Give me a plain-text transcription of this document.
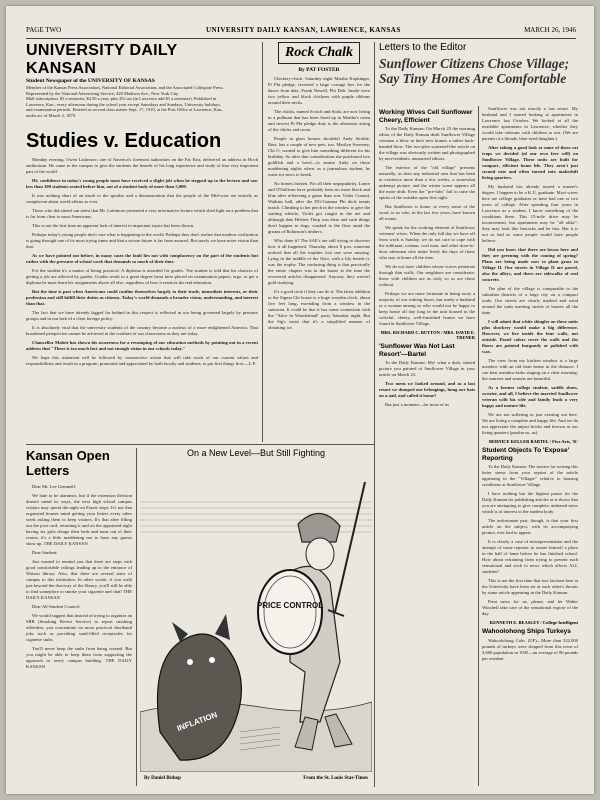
PAGE TWO	UNIVERSITY DAILY KANSAN, LAWRENCE, KANSAS	MARCH 26, 1946
UNIVERSITY DAILY KANSAN
Student Newspaper of the UNIVERSITY OF KANSAS
Member of the Kansas Press Association, National Editorial Association, and the Associated Collegiate Press. Represented by the National Advertising Service, 420 Madison Ave., New York City.
Mail subscription, $3 a semester, $4.50 a year, plus 2% tax (in Lawrence add $1 a semester). Published in Lawrence, Kan., every afternoon during the school year except Saturdays and Sundays, University holidays, and examination periods. Entered as second class matter Sept. 17, 1910, at the Post Office at Lawrence, Kan., under act of March 3, 1879.
Studies v. Education

Monday evening, Owen Lattimore, one of America's foremost authorities on the Far East, delivered an address in Hoch auditorium. He came to the campus to give the students the benefit of his long experience and study of that very important part of the world.

Hi: confidence in today's young people must have received a slight jolt when he stepped up to the lectern and saw less than 300 students seated before him, out of a student body of more than 5,000.

It was nothing short of an insult to the speaker and a demonstration that the people of the Mid-west are entirely as complacent about world affairs as ever.

Those who did attend can attest that Mr. Lattimore presented a very informative lecture which shed light on a problem that is far from clear to most Americans.

This is not the first time an apparent lack of interest in important topics has been shown.

Perhaps today's young people don't care what is happening in the world. Perhaps they don't realize that modern civilization is going through one of its most trying times and that a secure future is far from assured. But surely we have more vision than that.

As we have pointed out before, in many cases the fault lies not with complacency on the part of the students but rather with the pressure of school work that demands so much of their time.

For the student it's a matter of being practical. A diploma is awarded for grades. The student is told that his chances of getting a job are affected by grades. Grades result to a great degree from facts placed on examination papers; ergo, to get a diploma he must learn his assignments above all else, regardless of how it restricts his real education.

But the time is past when Americans could confine themselves largely to their trade, immediate interests, or their profession and still fulfill their duties as citizens. Today's world demands a broader vision, understanding, and interest than that.

The fact that we have already lagged far behind in this respect is reflected in our being governed largely by pressure groups and in our lack of a clear foreign policy.

It is absolutely vital that the university students of the country become a nucleus of a more enlightened America. That broadened perspective cannot be achieved in the confines of our classrooms as they are today.

Chancellor Malott has shown his awareness for a revamping of our education methods by pointing out in a recent address that "There is too much fact and not enough vision in our schools today."

We hope this statement will be followed by constructive action that will take stock of our current values and responsibilities and result in a program, promoted and appreciated by both faculty and students, to put first things first.—L.P.

Rock Chalk
By PAT FOSTER

Chickery-chick. Saturday night Martha Kophinger, Pi Phi pledge, received a large corsage box for the dance from date, Frank Newell, Phi Delt. Inside were two yellow and black chickens with purple ribbons around their necks.

The chicks, named Scotch and Soda, are now living in a pullman that has been fixed up in Martha's room and newest Pi Phi pledge duty is the afternoon airing of the chicks and room.

People in glass houses shouldn't Andy Strohle, Beta, has a couple of new pets, too. Marilyn Sweeney, Chi O, wanted to give him something different for his birthday. So after due consideration she purchased two goldfish and a bowl—to amuse Andy on those maddening nights when, as a journalism student, he waits for news to break.

No homes broken. For all their unpopularity, Lance and O'Sullivan have probably been no more black and blue after refereeing a game than was Violet Conard, Watkins hall, after the DG-Gamma Phi deck tennis match. Climbing to her perch in the window to give the starting whistle, Violet got caught in the net and although date Herbert Thirp was there and such things don't happen to dogs, crashed to the floor amid the groans of Robinson's timbers.

Who done it? The SAE's are still trying to discover how it all happened. Thursday about 8 p.m. someone noticed that all the trophies lost one were missing. Lying in the middle of the floor, with a lily beside it, was the trophy. The confusing thing is that practically the entire chapter was in the house at the time the recovered articles disappeared. Anyway, they weren't gold studying.

It's a good trick if they can do it. The latest addition to the Sigma Chi house is a huge wooden clock, about five feet long, extending from a window in the sunroom. It could be that it has some connection with the "Alice in Wonderland" party Saturday night. But the Sig's insist that it's a simplified manner of obtaining ice.

Letters to the Editor
Sunflower Citizens Chose Village; Say Tiny Homes Are Comfortable
Working Wives Cell Sunflower Cheery, Efficient

To the Daily Kansan: On March 23 the morning editor of the Daily Kansan dealt Sunflower Village veterans a blow in their new homes a rather back-handed blow. The two-plex scattered-like article on the village was obviously written and photographed by non-residents, unmarried editors.

The exterior of the "old village" presents naturally, as does any industrial area that has been in existence more than a few weeks, a somewhat unkempt picture, and the winter scene appears all the more drab. Even the "pre-fabs" fail to raise the spirits of the outsider upon first sight.

But Sunflower is home, to every sense of the word, to us who, in the last few years, have known all rooms.

We speak for the working element of Sunflower veterans' wives. When the only full day we have off from work is Sunday, we do not care to cope with the milkman, iceman, coal man, and other door-to-door salesmen who make lively the days of those who stay at home all the time.

We do not have children whose voices penetrate through thin walls. Our neighbors are considerate; those with children are as truly so as are those without.

Perhaps we are more fortunate in being away a majority of our waking hours, but surely a husband or a woman among us who would not be happy to keep house all day long in the unit housed in the colorful, cheery, well-furnished homes we have found in Sunflower Village.

MRS. RICHARD C. BUTTON / MRS. DAVID E. TRENER
'Sunflower Was Not Last Resort'—Bartel

To the Daily Kansan: My! what a drab, stinted picture you painted of Sunflower Village in your article on March 23.

Two mens we looked around, and as a last resort we dumped our belongings, hung our hats on a nail, and called it home?

But just a moment—for most of us

Sunflower was not exactly a last resort. My husband and I started looking at apartments in Lawrence last October. We looked at all the available apartments in Lawrence, whether they would take veterans with children or not. (We are parents of a blonde, blue-eyed daughter.)

After taking a good look at some of those rat traps we decided (of our own free will) on Sunflower Village. These units are built for compact, efficient home life. They aren't just second rate and often turned into makeshift living quarters.

My husband has already toured a master's degree. I happen to be a K.U. graduate. Most wives here are college graduates or have had one or two years of college. After spending four years in Lawrence as a student, I know something of the conditions there. This 15-mile drive may be inconvenient, but apartments may be "all alike"; they may look like barracks and be tiny. But it is not as bad as some people would have people believe.

Did you know that there are lawns here and they are greening with the coming of spring? Plans are being made now to plant grass in Village II. Our streets in Village II are paved, also the alleys, and there are sidewalks of real concrete.

The plan of the village is comparable to the suburban districts of a large city on a compact scale. Our streets are clearly marked and wind around the units meeting streets of houses all the time.

I will admit that white shingles on these units plus shockery would make a big difference. However, we live inside the four walls, not outside. Pastel colors cover the walls and the floors are painted burgundy or polished with wax.

The view from my kitchen window is a large meadow with an old farm house in the distance. I can hear meadow-larks singing on a clear morning; the sunrises and sunsets are beautiful.

As a former college student, saddle shoes, sweater, and all, I believe the married Sunflower veteran with his wife and family leads a very happy and mature life.

We are not suffering or just existing out here. We are living a complete and happy life. And we do not appreciate the unjust bricks and thrown at our living quarters (pardon us, us).

BERNICE KELLER BARTEL / Five Arts, 'K'
Student Objects To 'Expose' Reporting

To the Daily Kansan: The motive for writing this letter stems from your reprint of the article appearing in the "Villager" relative to housing conditions at Sunflower Village.

I have nothing but the highest praise for the Daily Kansan for publishing articles as it shows that you are attempting to give complete, unbiased news which is of interest to the student body.

The unfortunate part, though, is that your first article on the subject, with its accompanying picture, ever had to appear.

It is clearly a case of misrepresentation and the attempt of some reporter to assure himself a place in the hall of fame before he has finished school. How about refraining from trying to present such sensational and stick to news which affects ALL students?

This is not the first time that two factions here at the University have been set at each other's throats by some article appearing in the Daily Kansan.

Print news for us, please, and let Walter Winchell take care of the sensational expose of the day.

KENNETH E. BEASLEY / College Intelligent
Wahoolohong Ships Turkeys

Wahoolohong Coln. (UP)—More than 322,000 pounds of turkeys were shipped from this town of 3,600 population in 1945—an average of 86 pounds per resident.

Kansan Open Letters

Dear Mr. Lee Gemmell:

We hate to be alarmists, but if the extension division doesn't mend its ways, the next high school campus visitors may spend the night on Frazer steps. It's not that organized houses mind getting your letters every other week asking them to keep visitors. It's that after filling out the post card, returning it and on the appointed night having six girls charge their beds and none out of their rooms, it's a little maddening not to have any guests show up. THE DAILY KANSAN

Dear Student:

Just wanted to remind you that there are steps with good comfortable railings leading up to the entrance of Watson library. Also, that there are several arms of campus to this institution. In other words, if you walk just beyond the doorway of the library, you'll still be able to find someplace to smoke your cigarette and chat! THE DAILY KANSAN

Dear All-Student Council:

We would suggest that instead of trying to organize an SBB (Smoking Revert Service) to report smoking offenders, you concentrate on more practical shorthand jobs such as providing sand-filled receptacles for cigarette stubs.

You'll never keep the stubs from being created. But you might be able to keep them from supporting the approach to every campus building. THE DAILY KANSAN

On a New Level—But Still Fighting
PRICE CONTROL
INFLATION
By Daniel Bishop	From the St. Louis Star-Times
